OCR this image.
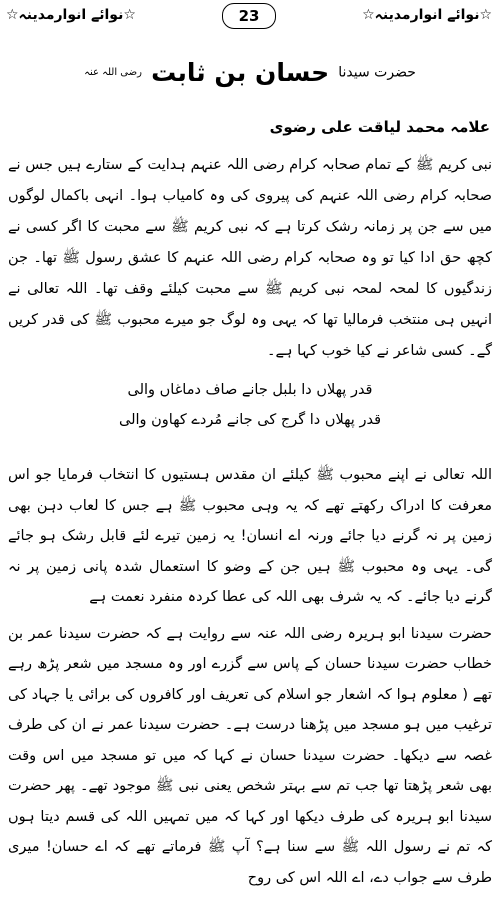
☆نوائے انوارمدینہ☆	23	☆نوائے انوارمدینہ☆
حضرت سیدنا حسان بن ثابت رضی اللہ عنہ
علامہ محمد لیاقت علی رضوی

نبی کریم ﷺ کے تمام صحابہ کرام رضی اللہ عنہم ہدایت کے ستارے ہیں جس نے صحابہ کرام رضی اللہ عنہم کی پیروی کی وہ کامیاب ہوا۔ انہی باکمال لوگوں میں سے جن پر زمانہ رشک کرتا ہے کہ نبی کریم ﷺ سے محبت کا اگر کسی نے کچھ حق ادا کیا تو وہ صحابہ کرام رضی اللہ عنہم کا عشق رسول ﷺ تھا۔ جن زندگیوں کا لمحہ لمحہ نبی کریم ﷺ سے محبت کیلئے وقف تھا۔ اللہ تعالی نے انہیں ہی منتخب فرمالیا تھا کہ یہی وہ لوگ جو میرے محبوب ﷺ کی قدر کریں گے۔ کسی شاعر نے کیا خوب کہا ہے۔

قدر پھلاں دا بلبل جانے صاف دماغاں والی

قدر پھلاں دا گرج کی جانے مُردے کھاون والی

اللہ تعالی نے اپنے محبوب ﷺ کیلئے ان مقدس ہستیوں کا انتخاب فرمایا جو اس معرفت کا ادراک رکھتے تھے کہ یہ وہی محبوب ﷺ ہے جس کا لعاب دہن بھی زمین پر نہ گرنے دیا جائے ورنہ اے انسان! یہ زمین تیرے لئے قابل رشک ہو جائے گی۔ یہی وہ محبوب ﷺ ہیں جن کے وضو کا استعمال شدہ پانی زمین پر نہ گرنے دیا جائے۔ کہ یہ شرف بھی اللہ کی عطا کردہ منفرد نعمت ہے

حضرت سیدنا ابو ہریرہ رضی اللہ عنہ سے روایت ہے کہ حضرت سیدنا عمر بن خطاب حضرت سیدنا حسان کے پاس سے گزرے اور وہ مسجد میں شعر پڑھ رہے تھے ( معلوم ہوا کہ اشعار جو اسلام کی تعریف اور کافروں کی برائی یا جہاد کی ترغیب میں ہو مسجد میں پڑھنا درست ہے۔ حضرت سیدنا عمر نے ان کی طرف غصہ سے دیکھا۔ حضرت سیدنا حسان نے کہا کہ میں تو مسجد میں اس وقت بھی شعر پڑھتا تھا جب تم سے بہتر شخص یعنی نبی ﷺ موجود تھے۔ پھر حضرت سیدنا ابو ہریرہ کی طرف دیکھا اور کہا کہ میں تمہیں اللہ کی قسم دیتا ہوں کہ تم نے رسول اللہ ﷺ سے سنا ہے؟ آپ ﷺ فرماتے تھے کہ اے حسان! میری طرف سے جواب دے، اے اللہ اس کی روح
